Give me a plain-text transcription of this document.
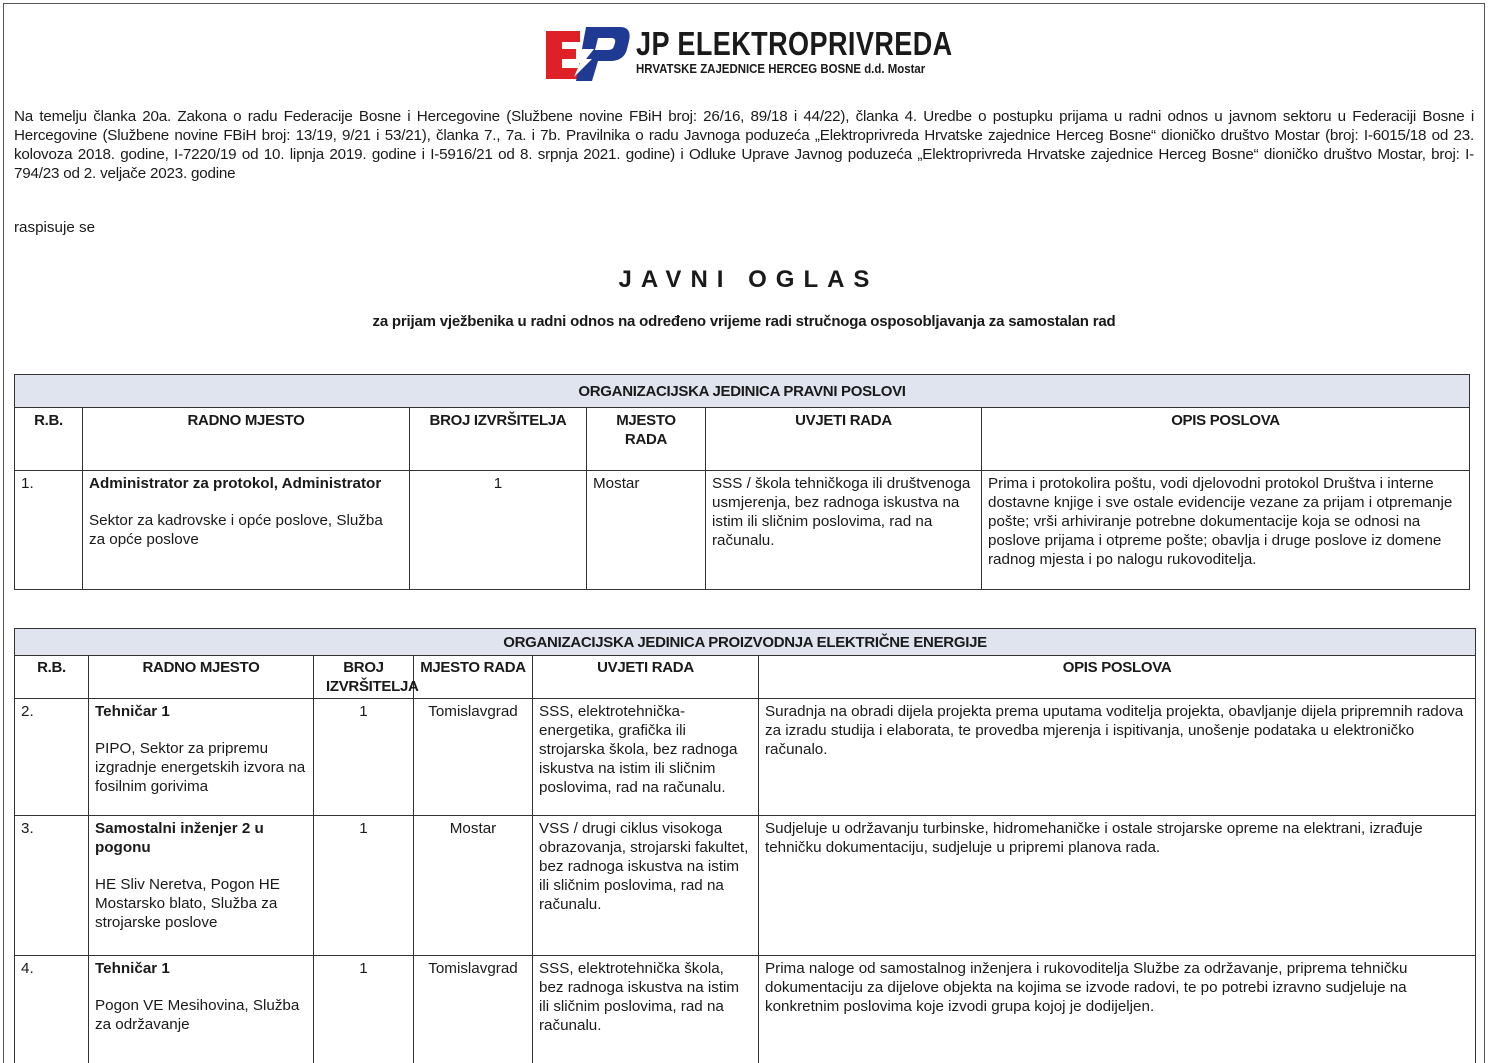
JP ELEKTROPRIVREDA
HRVATSKE ZAJEDNICE HERCEG BOSNE d.d. Mostar

Na temelju članka 20a. Zakona o radu Federacije Bosne i Hercegovine (Službene novine FBiH broj: 26/16, 89/18 i 44/22), članka 4. Uredbe o postupku prijama u radni odnos u javnom sektoru u Federaciji Bosne i Hercegovine (Službene novine FBiH broj: 13/19, 9/21 i 53/21), članka 7., 7a. i 7b. Pravilnika o radu Javnoga poduzeća „Elektroprivreda Hrvatske zajednice Herceg Bosne“ dioničko društvo Mostar (broj: I-6015/18 od 23. kolovoza 2018. godine, I-7220/19 od 10. lipnja 2019. godine i I-5916/21 od 8. srpnja 2021. godine) i Odluke Uprave Javnog poduzeća „Elektroprivreda Hrvatske zajednice Herceg Bosne“ dioničko društvo Mostar, broj: I-794/23 od 2. veljače 2023. godine

raspisuje se

JAVNI OGLAS
za prijam vježbenika u radni odnos na određeno vrijeme radi stručnoga osposobljavanja za samostalan rad
ORGANIZACIJSKA JEDINICA PRAVNI POSLOVI					
R.B.	RADNO MJESTO	BROJ IZVRŠITELJA	MJESTO RADA	UVJETI RADA	OPIS POSLOVA
1.	Administrator za protokol, Administrator
Sektor za kadrovske i opće poslove, Služba za opće poslove	1	Mostar	SSS / škola tehničkoga ili društvenoga usmjerenja, bez radnoga iskustva na istim ili sličnim poslovima, rad na računalu.	Prima i protokolira poštu, vodi djelovodni protokol Društva i interne dostavne knjige i sve ostale evidencije vezane za prijam i otpremanje pošte; vrši arhiviranje potrebne dokumentacije koja se odnosi na poslove prijama i otpreme pošte; obavlja i druge poslove iz domene radnog mjesta i po nalogu rukovoditelja.
ORGANIZACIJSKA JEDINICA PROIZVODNJA ELEKTRIČNE ENERGIJE					
R.B.	RADNO MJESTO	BROJ IZVRŠITELJA	MJESTO RADA	UVJETI RADA	OPIS POSLOVA
2.	Tehničar 1
PIPO, Sektor za pripremu izgradnje energetskih izvora na fosilnim gorivima	1	Tomislavgrad	SSS, elektrotehnička-energetika, grafička ili strojarska škola, bez radnoga iskustva na istim ili sličnim poslovima, rad na računalu.	Suradnja na obradi dijela projekta prema uputama voditelja projekta, obavljanje dijela pripremnih radova za izradu studija i elaborata, te provedba mjerenja i ispitivanja, unošenje podataka u elektroničko računalo.
3.	Samostalni inženjer 2 u pogonu
HE Sliv Neretva, Pogon HE Mostarsko blato, Služba za strojarske poslove	1	Mostar	VSS / drugi ciklus visokoga obrazovanja, strojarski fakultet, bez radnoga iskustva na istim ili sličnim poslovima, rad na računalu.	Sudjeluje u održavanju turbinske, hidromehaničke i ostale strojarske opreme na elektrani, izrađuje tehničku dokumentaciju, sudjeluje u pripremi planova rada.
4.	Tehničar 1
Pogon VE Mesihovina, Služba za održavanje	1	Tomislavgrad	SSS, elektrotehnička škola, bez radnoga iskustva na istim ili sličnim poslovima, rad na računalu.	Prima naloge od samostalnog inženjera i rukovoditelja Službe za održavanje, priprema tehničku dokumentaciju za dijelove objekta na kojima se izvode radovi, te po potrebi izravno sudjeluje na konkretnim poslovima koje izvodi grupa kojoj je dodijeljen.
